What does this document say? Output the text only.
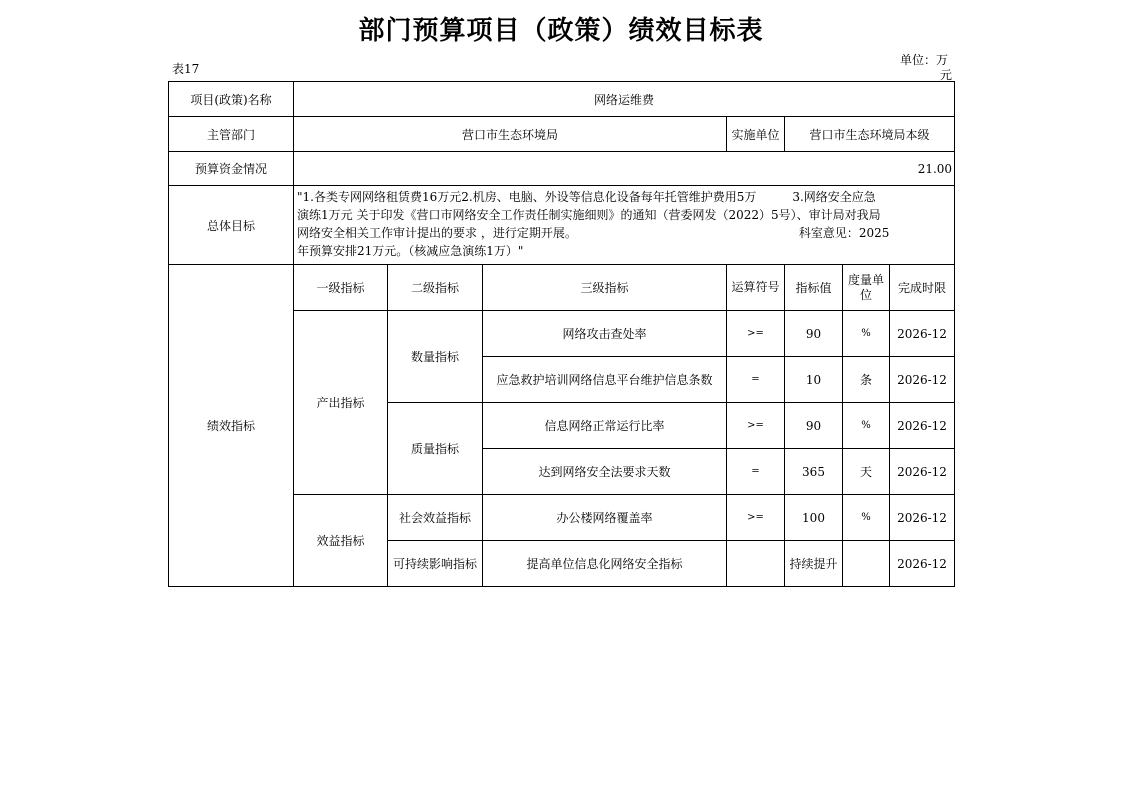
部门预算项目（政策）绩效目标表
表17
单位：万
元
项目(政策)名称	网络运维费						
主管部门	营口市生态环境局			实施单位	营口市生态环境局本级		
预算资金情况	21.00						
总体目标	"1.各类专网网络租赁费16万元2.机房、电脑、外设等信息化设备每年托管维护费用5万　　　3.网络安全应急
演练1万元 关于印发《营口市网络安全工作责任制实施细则》的通知（营委网发（2022）5号）、审计局对我局
网络安全相关工作审计提出的要求 ，进行定期开展。　　　　　　　　　　　　　　　　　　　科室意见：2025
年预算安排21万元。（核减应急演练1万）"						

绩效指标	一级指标	二级指标	三级指标	运算符号	指标值	度量单位	完成时限
	产出指标	数量指标	网络攻击查处率	>=	90	%	2026-12
			应急救护培训网络信息平台维护信息条数	=	10	条	2026-12
		质量指标	信息网络正常运行比率	>=	90	%	2026-12
			达到网络安全法要求天数	=	365	天	2026-12
	效益指标	社会效益指标	办公楼网络覆盖率	>=	100	%	2026-12
		可持续影响指标	提高单位信息化网络安全指标		持续提升		2026-12
